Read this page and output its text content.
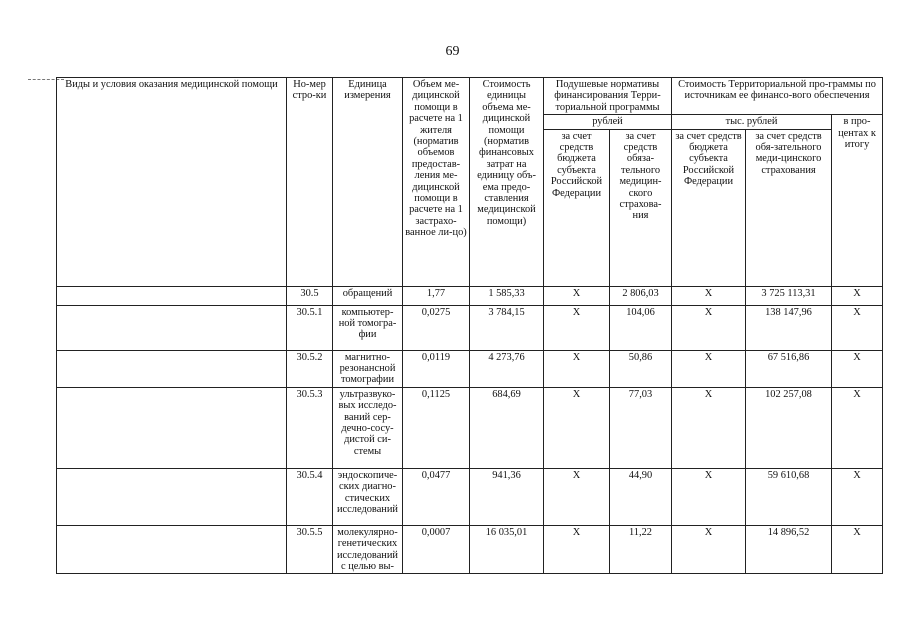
69
Виды и условия оказания медицинской помощи	Но-мер стро-ки	Единица измерения	Объем ме-дицинской помощи в расчете на 1 жителя (норматив объемов предостав-ления ме-дицинской помощи в расчете на 1 застрахо-ванное ли-цо)	Стоимость единицы объема ме-дицинской помощи (норматив финансовых затрат на единицу объ-ема предо-ставления медицинской помощи)	Подушевые нормативы финансирования Терри-ториальной программы		Стоимость Территориальной про-граммы по источникам ее финансо-вого обеспечения		
					рублей		тыс. рублей		в про-центах к итогу
					за счет средств бюджета субъекта Российской Федерации	за счет средств обяза-тельного медицин-ского страхова-ния	за счет средств бюджета субъекта Российской Федерации	за счет средств обя-зательного меди-цинского страхования	
	30.5	обращений	1,77	1 585,33	Х	2 806,03	Х	3 725 113,31	Х
	30.5.1	компьютер-ной томогра-фии	0,0275	3 784,15	Х	104,06	Х	138 147,96	Х
	30.5.2	магнитно-резонансной томографии	0,0119	4 273,76	Х	50,86	Х	67 516,86	Х
	30.5.3	ультразвуко-вых исследо-ваний сер-дечно-сосу-дистой си-стемы	0,1125	684,69	Х	77,03	Х	102 257,08	Х
	30.5.4	эндоскопиче-ских диагно-стических исследований	0,0477	941,36	Х	44,90	Х	59 610,68	Х
	30.5.5	молекулярно-генетических исследований с целью вы-	0,0007	16 035,01	Х	11,22	Х	14 896,52	Х
